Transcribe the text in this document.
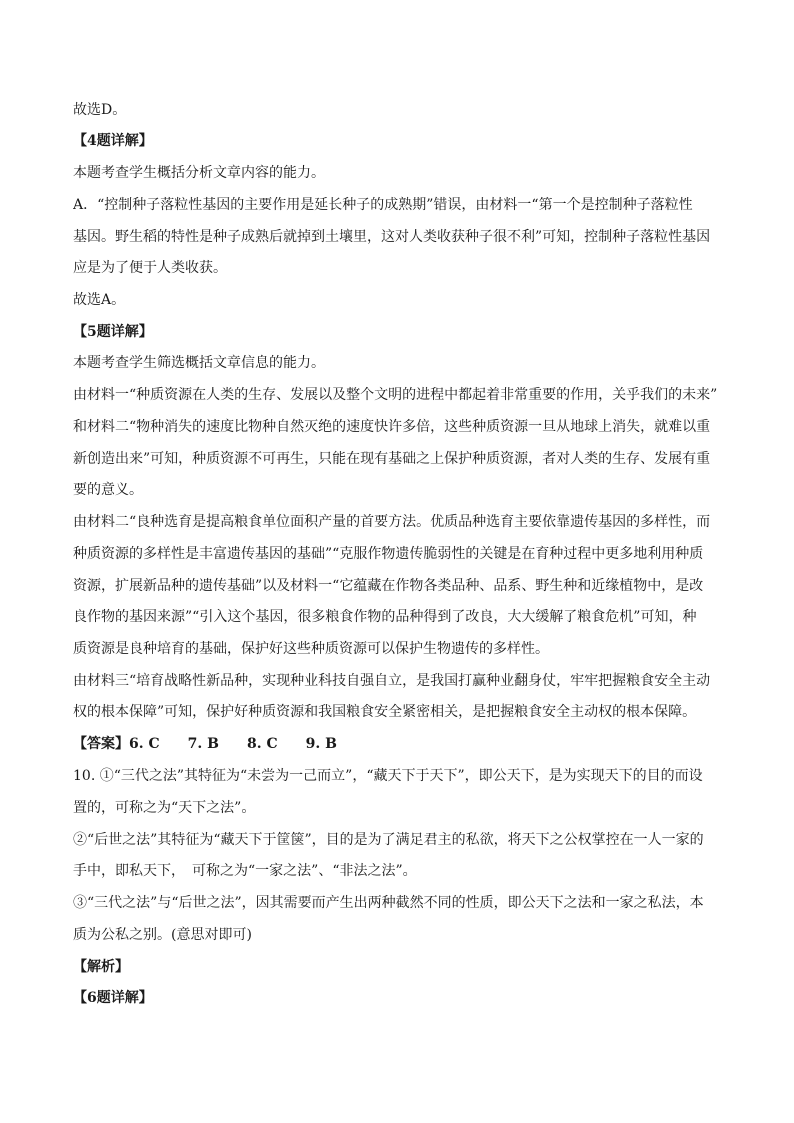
故选D。
【4题详解】
本题考查学生概括分析文章内容的能力。
A．“控制种子落粒性基因的主要作用是延长种子的成熟期”错误，由材料一“第一个是控制种子落粒性
基因。野生稻的特性是种子成熟后就掉到土壤里，这对人类收获种子很不利”可知，控制种子落粒性基因
应是为了便于人类收获。
故选A。
【5题详解】
本题考查学生筛选概括文章信息的能力。
由材料一“种质资源在人类的生存、发展以及整个文明的进程中都起着非常重要的作用，关乎我们的未来”
和材料二“物种消失的速度比物种自然灭绝的速度快许多倍，这些种质资源一旦从地球上消失，就难以重
新创造出来”可知，种质资源不可再生，只能在现有基础之上保护种质资源，者对人类的生存、发展有重
要的意义。
由材料二“良种选育是提高粮食单位面积产量的首要方法。优质品种选育主要依靠遗传基因的多样性，而
种质资源的多样性是丰富遗传基因的基础”“克服作物遗传脆弱性的关键是在育种过程中更多地利用种质
资源，扩展新品种的遗传基础”以及材料一“它蕴藏在作物各类品种、品系、野生种和近缘植物中，是改
良作物的基因来源”“引入这个基因，很多粮食作物的品种得到了改良，大大缓解了粮食危机”可知，种
质资源是良种培育的基础，保护好这些种质资源可以保护生物遗传的多样性。
由材料三“培育战略性新品种，实现种业科技自强自立，是我国打赢种业翻身仗，牢牢把握粮食安全主动
权的根本保障”可知，保护好种质资源和我国粮食安全紧密相关，是把握粮食安全主动权的根本保障。
【答案】6. C　　7. B　　8. C　　9. B
10. ①“三代之法”其特征为“未尝为一己而立”，“藏天下于天下”，即公天下，是为实现天下的目的而设
置的，可称之为“天下之法”。
②“后世之法”其特征为“藏天下于筐箧”，目的是为了满足君主的私欲，将天下之公权掌控在一人一家的
手中，即私天下，　可称之为“一家之法”、“非法之法”。
③“三代之法”与“后世之法”，因其需要而产生出两种截然不同的性质，即公天下之法和一家之私法，本
质为公私之别。(意思对即可)
【解析】
【6题详解】
